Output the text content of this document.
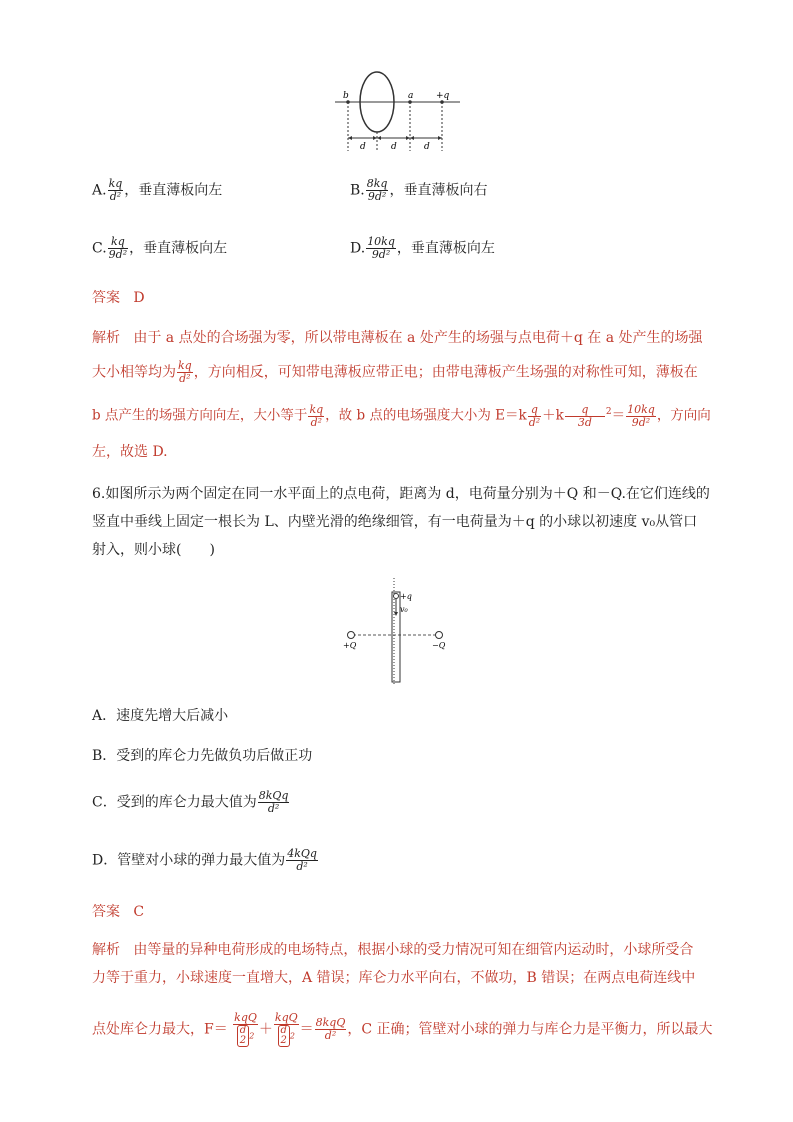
b	a	+q
d	d	d
A. $\frac{kq}{\text{d²}}$ ，垂直薄板向左	B. $\frac{8kq}{\text{9d²}}$ ，垂直薄板向右
C. $\frac{kq}{\text{9d²}}$ ，垂直薄板向左	D. $\frac{10kq}{\text{9d²}}$ ，垂直薄板向左
答案 D
解析 由于 a 点处的合场强为零，所以带电薄板在 a 处产生的场强与点电荷＋q 在 a 处产生的场强
大小相等均为 $\frac{kq}{\text{d²}}$ ，方向相反，可知带电薄板应带正电；由带电薄板产生场强的对称性可知，薄板在
b 点产生的场强方向向左，大小等于 $\frac{kq}{\text{d²}}$ ，故 b 点的电场强度大小为 $E=k \frac{q}{\text{d²}} +k \frac{q}{3d} ^2= \frac{10kq}{\text{9d²}}$ ，方向向
左，故选 D.
6.如图所示为两个固定在同一水平面上的点电荷，距离为 d，电荷量分别为＋Q 和－Q.在它们连线的
竖直中垂线上固定一根长为 L、内壁光滑的绝缘细管，有一电荷量为＋q 的小球以初速度 v₀从管口
射入，则小球(　　)
+q
v₀
+Q	−Q
A．速度先增大后减小
B．受到的库仑力先做负功后做正功
C．受到的库仑力最大值为 $\frac{\text{8kQq}}{\text{d²}}$
D．管壁对小球的弹力最大值为 $\frac{\text{4kQq}}{\text{d²}}$
答案 C
解析 由等量的异种电荷形成的电场特点，根据小球的受力情况可知在细管内运动时，小球所受合
力等于重力，小球速度一直增大，A 错误；库仑力水平向右，不做功，B 错误；在两点电荷连线中
点处库仑力最大，F＝
kqQ
d
2 $^2$ ＋
kqQ
d
2 $^2 = \frac{\text{8kqQ}}{\text{d²}}$ ，C 正确；管壁对小球的弹力与库仑力是平衡力，所以最大
